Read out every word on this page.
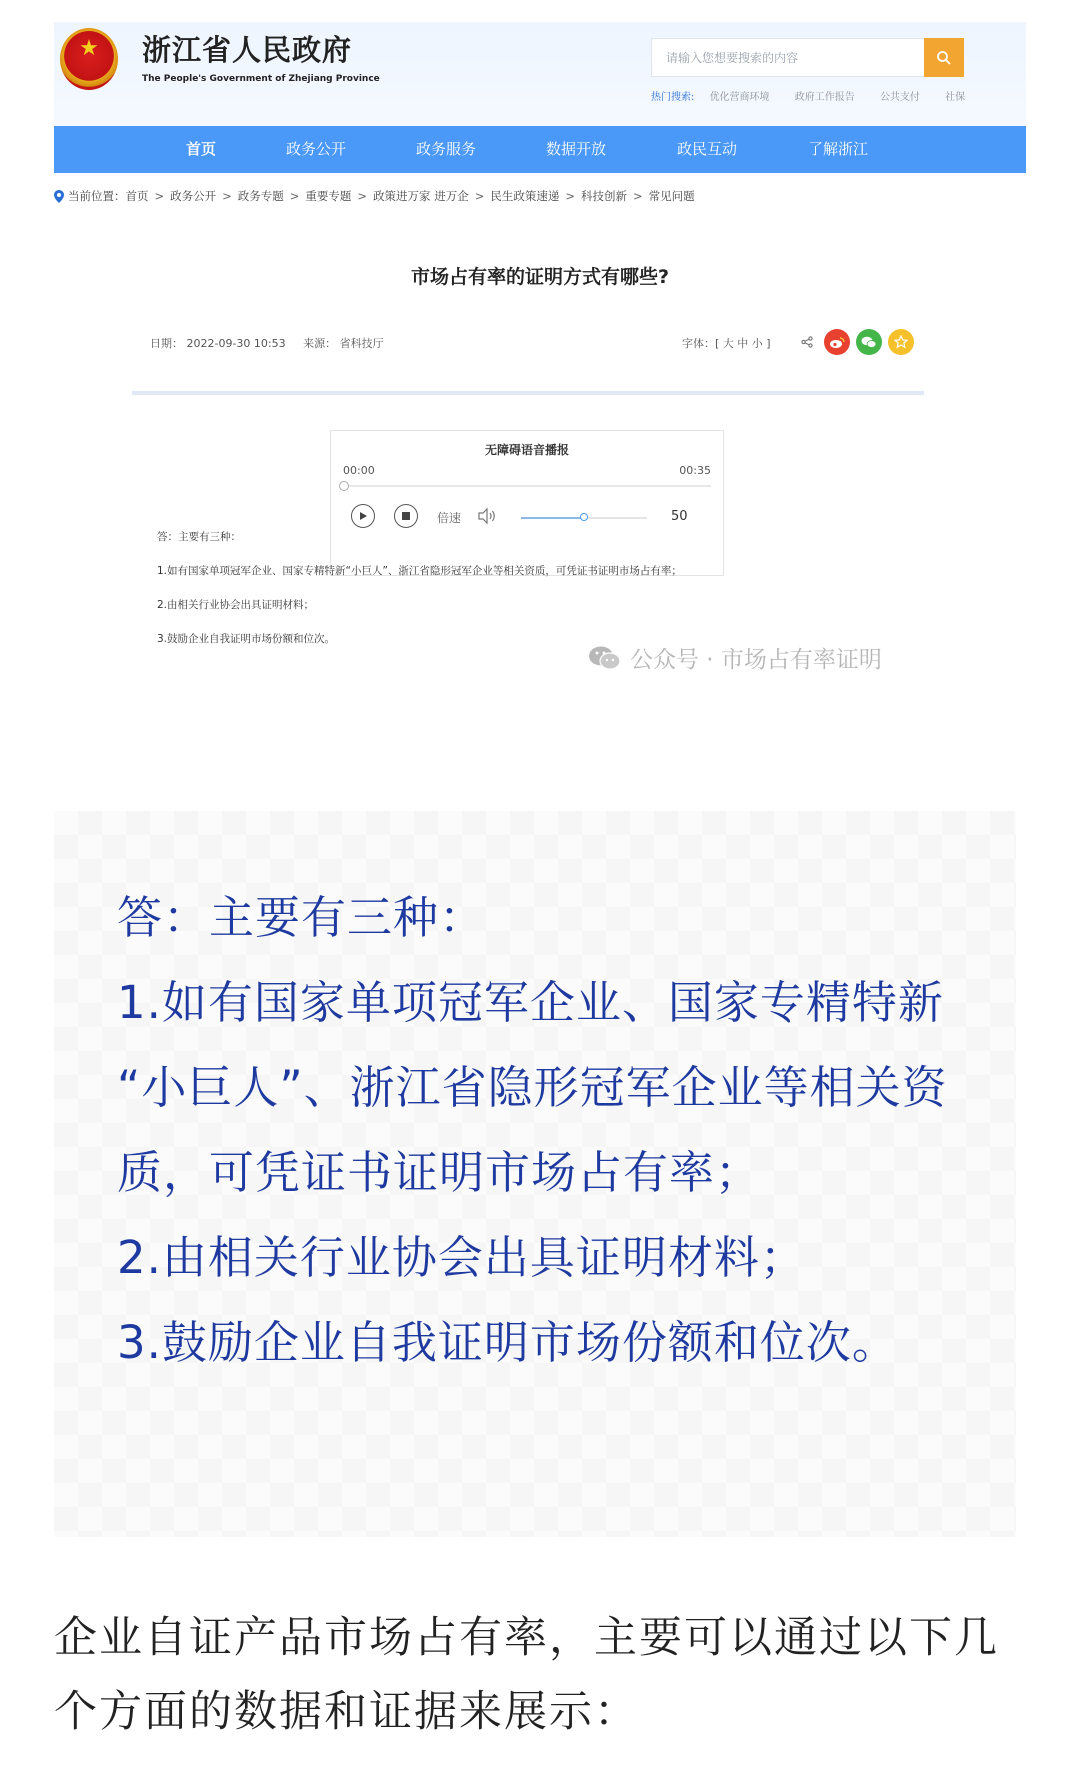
★	浙江省人民政府
The People's Government of Zhejiang Province
请输入您想要搜索的内容
热门搜索: 优化营商环境	政府工作报告	公共支付	社保
首页	政务公开	政务服务	数据开放	政民互动	了解浙江
当前位置： 首页 > 政务公开 > 政务专题 > 重要专题 > 政策进万家 进万企 > 民生政策速递 > 科技创新 > 常见问题
市场占有率的证明方式有哪些?
日期： 2022-09-30 10:53 来源： 省科技厅	字体：[ 大 中 小 ]
无障碍语音播报
00:00	00:35
倍速	50
答：主要有三种：
1.如有国家单项冠军企业、国家专精特新“小巨人”、浙江省隐形冠军企业等相关资质，可凭证书证明市场占有率；
2.由相关行业协会出具证明材料；
3.鼓励企业自我证明市场份额和位次。
公众号 · 市场占有率证明
答：主要有三种：
1.如有国家单项冠军企业、国家专精特新
“小巨人”、浙江省隐形冠军企业等相关资
质，可凭证书证明市场占有率；
2.由相关行业协会出具证明材料；
3.鼓励企业自我证明市场份额和位次。
企业自证产品市场占有率，主要可以通过以下几个方面的数据和证据来展示：
